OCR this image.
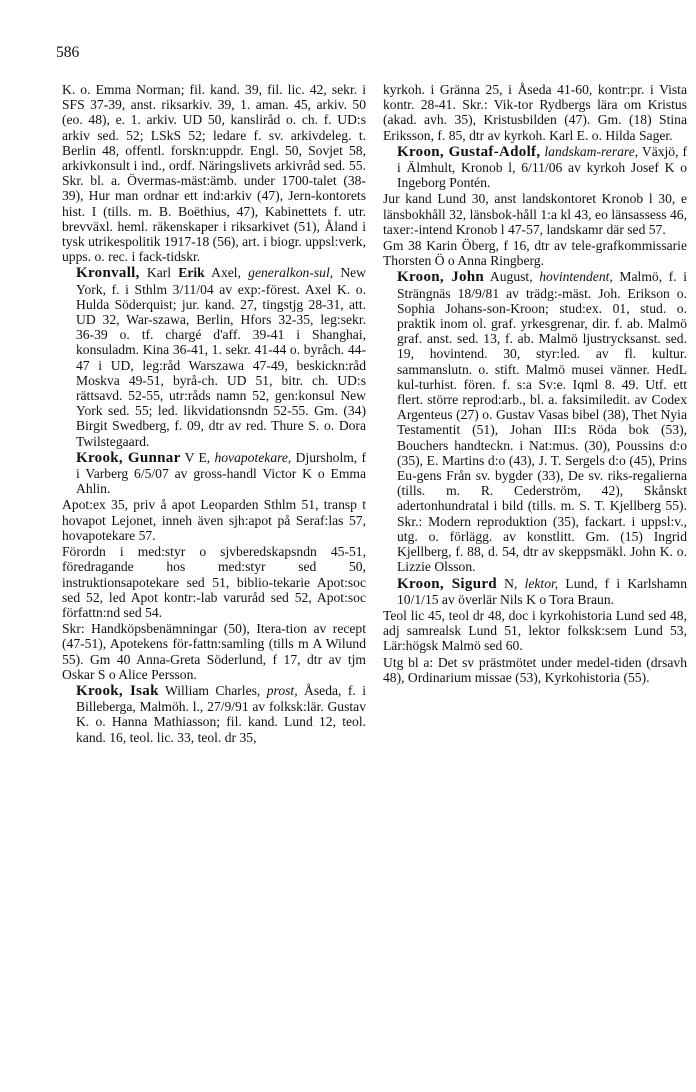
586

K. o. Emma Norman; fil. kand. 39, fil. lic. 42, sekr. i SFS 37-39, anst. riksarkiv. 39, 1. aman. 45, arkiv. 50 (eo. 48), e. 1. arkiv. UD 50, kansliråd o. ch. f. UD:s arkiv sed. 52; LSkS 52; ledare f. sv. arkivdeleg. t. Berlin 48, offentl. forskn:uppdr. Engl. 50, Sovjet 58, arkivkonsult i ind., ordf. Näringslivets arkivråd sed. 55. Skr. bl. a. Övermas-mäst:ämb. under 1700-talet (38-39), Hur man ordnar ett ind:arkiv (47), Jern-kontorets hist. I (tills. m. B. Boëthius, 47), Kabinettets f. utr. brevväxl. heml. räkenskaper i riksarkivet (51), Åland i tysk utrikespolitik 1917-18 (56), art. i biogr. uppsl:verk, upps. o. rec. i fack-tidskr.

Kronvall, Karl Erik Axel, generalkon-sul, New York, f. i Sthlm 3/11/04 av exp:-förest. Axel K. o. Hulda Söderquist; jur. kand. 27, tingstjg 28-31, att. UD 32, War-szawa, Berlin, Hfors 32-35, leg:sekr. 36-39 o. tf. chargé d'aff. 39-41 i Shanghai, konsuladm. Kina 36-41, 1. sekr. 41-44 o. byråch. 44-47 i UD, leg:råd Warszawa 47-49, beskickn:råd Moskva 49-51, byrå-ch. UD 51, bitr. ch. UD:s rättsavd. 52-55, utr:råds namn 52, gen:konsul New York sed. 55; led. likvidationsndn 52-55. Gm. (34) Birgit Swedberg, f. 09, dtr av red. Thure S. o. Dora Twilstegaard.

Krook, Gunnar V E, hovapotekare, Djursholm, f i Varberg 6/5/07 av gross-handl Victor K o Emma Ahlin.

Apot:ex 35, priv å apot Leoparden Sthlm 51, transp t hovapot Lejonet, inneh även sjh:apot på Seraf:las 57, hovapotekare 57.

Förordn i med:styr o sjvberedskapsndn 45-51, föredragande hos med:styr sed 50, instruktionsapotekare sed 51, biblio-tekarie Apot:soc sed 52, led Apot kontr:-lab varuråd sed 52, Apot:soc författn:nd sed 54.

Skr: Handköpsbenämningar (50), Itera-tion av recept (47-51), Apotekens för-fattn:samling (tills m A Wilund 55). Gm 40 Anna-Greta Söderlund, f 17, dtr av tjm Oskar S o Alice Persson.

Krook, Isak William Charles, prost, Åseda, f. i Billeberga, Malmöh. l., 27/9/91 av folksk:lär. Gustav K. o. Hanna Mathiasson; fil. kand. Lund 12, teol. kand. 16, teol. lic. 33, teol. dr 35,

kyrkoh. i Gränna 25, i Åseda 41-60, kontr:pr. i Vista kontr. 28-41. Skr.: Vik-tor Rydbergs lära om Kristus (akad. avh. 35), Kristusbilden (47). Gm. (18) Stina Eriksson, f. 85, dtr av kyrkoh. Karl E. o. Hilda Sager.

Kroon, Gustaf-Adolf, landskam-rerare, Växjö, f i Älmhult, Kronob l, 6/11/06 av kyrkoh Josef K o Ingeborg Pontén.

Jur kand Lund 30, anst landskontoret Kronob l 30, e länsbokhåll 32, länsbok-håll 1:a kl 43, eo länsassess 46, taxer:-intend Kronob l 47-57, landskamr där sed 57.

Gm 38 Karin Öberg, f 16, dtr av tele-grafkommissarie Thorsten Ö o Anna Ringberg.

Kroon, John August, hovintendent, Malmö, f. i Strängnäs 18/9/81 av trädg:-mäst. Joh. Erikson o. Sophia Johans-son-Kroon; stud:ex. 01, stud. o. praktik inom ol. graf. yrkesgrenar, dir. f. ab. Malmö graf. anst. sed. 13, f. ab. Malmö ljustrycksanst. sed. 19, hovintend. 30, styr:led. av fl. kultur. sammanslutn. o. stift. Malmö musei vänner. HedL kul-turhist. fören. f. s:a Sv:e. Iqml 8. 49. Utf. ett flert. större reprod:arb., bl. a. faksimiledit. av Codex Argenteus (27) o. Gustav Vasas bibel (38), Thet Nyia Testamentit (51), Johan III:s Röda bok (53), Bouchers handteckn. i Nat:mus. (30), Poussins d:o (35), E. Martins d:o (43), J. T. Sergels d:o (45), Prins Eu-gens Från sv. bygder (33), De sv. riks-regalierna (tills. m. R. Cederström, 42), Skånskt adertonhundratal i bild (tills. m. S. T. Kjellberg 55). Skr.: Modern reproduktion (35), fackart. i uppsl:v., utg. o. förlägg. av konstlitt. Gm. (15) Ingrid Kjellberg, f. 88, d. 54, dtr av skeppsmäkl. John K. o. Lizzie Olsson.

Kroon, Sigurd N, lektor, Lund, f i Karlshamn 10/1/15 av överlär Nils K o Tora Braun.

Teol lic 45, teol dr 48, doc i kyrkohistoria Lund sed 48, adj samrealsk Lund 51, lektor folksk:sem Lund 53, Lär:högsk Malmö sed 60.

Utg bl a: Det sv prästmötet under medel-tiden (drsavh 48), Ordinarium missae (53), Kyrkohistoria (55).
